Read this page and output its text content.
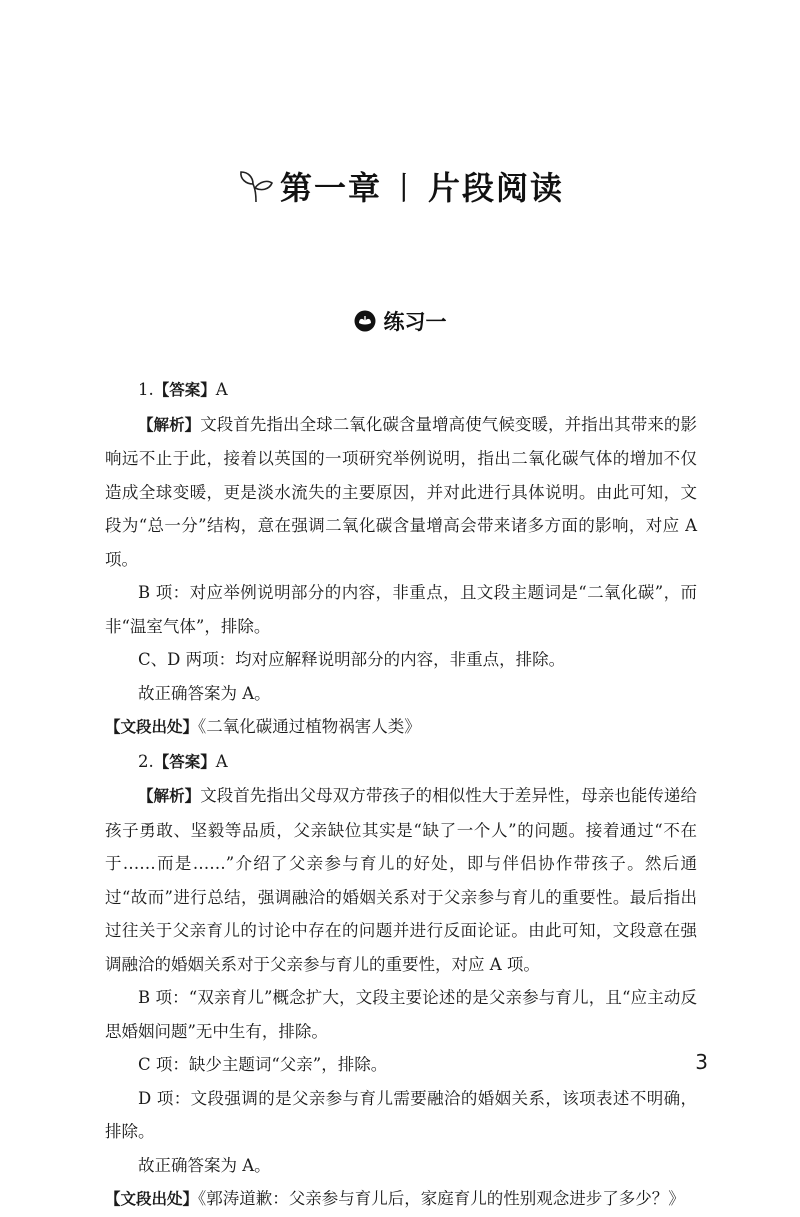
第一章 丨 片段阅读
练习一

1.【答案】A

【解析】文段首先指出全球二氧化碳含量增高使气候变暖，并指出其带来的影响远不止于此，接着以英国的一项研究举例说明，指出二氧化碳气体的增加不仅造成全球变暖，更是淡水流失的主要原因，并对此进行具体说明。由此可知，文段为“总一分”结构，意在强调二氧化碳含量增高会带来诸多方面的影响，对应 A 项。

B 项：对应举例说明部分的内容，非重点，且文段主题词是“二氧化碳”，而非“温室气体”，排除。

C、D 两项：均对应解释说明部分的内容，非重点，排除。

故正确答案为 A。

【文段出处】《二氧化碳通过植物祸害人类》

2.【答案】A

【解析】文段首先指出父母双方带孩子的相似性大于差异性，母亲也能传递给孩子勇敢、坚毅等品质，父亲缺位其实是“缺了一个人”的问题。接着通过“不在于……而是……”介绍了父亲参与育儿的好处，即与伴侣协作带孩子。然后通过“故而”进行总结，强调融洽的婚姻关系对于父亲参与育儿的重要性。最后指出过往关于父亲育儿的讨论中存在的问题并进行反面论证。由此可知，文段意在强调融洽的婚姻关系对于父亲参与育儿的重要性，对应 A 项。

B 项：“双亲育儿”概念扩大，文段主要论述的是父亲参与育儿，且“应主动反思婚姻问题”无中生有，排除。

C 项：缺少主题词“父亲”，排除。

D 项：文段强调的是父亲参与育儿需要融洽的婚姻关系，该项表述不明确，排除。

故正确答案为 A。

【文段出处】《郭涛道歉：父亲参与育儿后，家庭育儿的性别观念进步了多少？》

3
